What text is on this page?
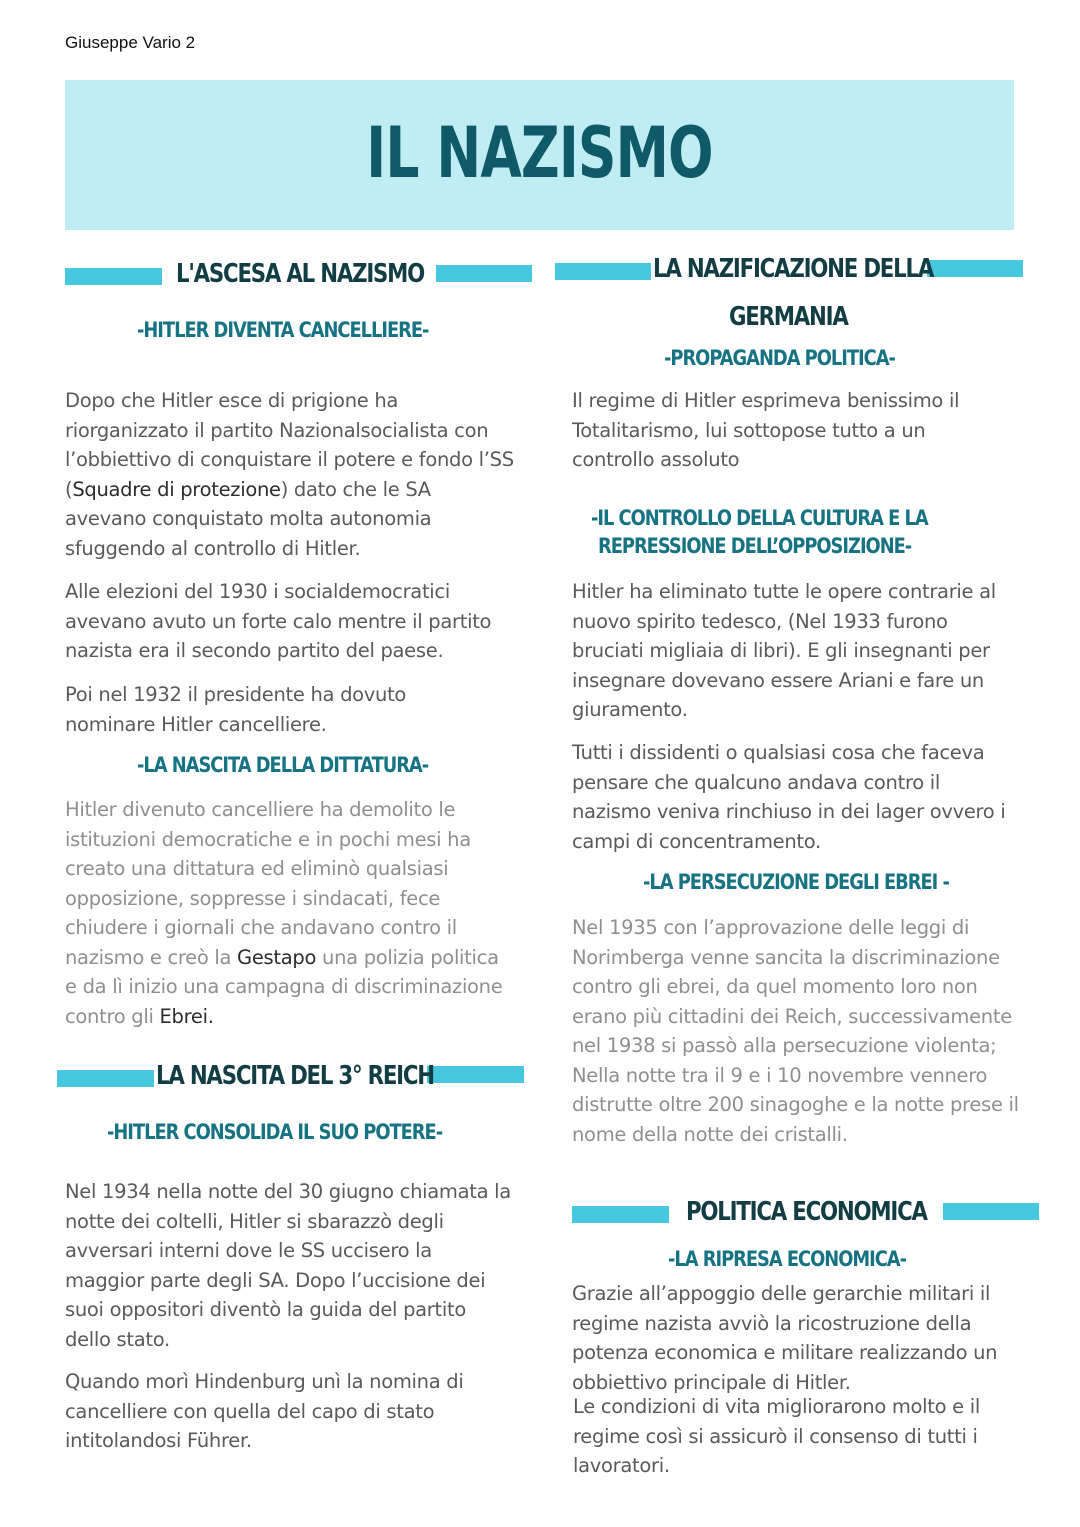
Giuseppe Vario 2
IL NAZISMO
L'ASCESA AL NAZISMO
-HITLER DIVENTA CANCELLIERE-
Dopo che Hitler esce di prigione ha riorganizzato il partito Nazionalsocialista con l’obbiettivo di conquistare il potere e fondo l’SS (Squadre di protezione) dato che le SA avevano conquistato molta autonomia sfuggendo al controllo di Hitler.
Alle elezioni del 1930 i socialdemocratici avevano avuto un forte calo mentre il partito nazista era il secondo partito del paese.
Poi nel 1932 il presidente ha dovuto nominare Hitler cancelliere.
-LA NASCITA DELLA DITTATURA-
Hitler divenuto cancelliere ha demolito le istituzioni democratiche e in pochi mesi ha creato una dittatura ed eliminò qualsiasi opposizione, soppresse i sindacati, fece chiudere i giornali che andavano contro il nazismo e creò la Gestapo una polizia politica e da lì inizio una campagna di discriminazione contro gli Ebrei.
LA NASCITA DEL 3° REICH
-HITLER CONSOLIDA IL SUO POTERE-
Nel 1934 nella notte del 30 giugno chiamata la notte dei coltelli, Hitler si sbarazzò degli avversari interni dove le SS uccisero la maggior parte degli SA. Dopo l’uccisione dei suoi oppositori diventò la guida del partito dello stato.
Quando morì Hindenburg unì la nomina di cancelliere con quella del capo di stato intitolandosi Führer.
LA NAZIFICAZIONE DELLA
GERMANIA
-PROPAGANDA POLITICA-
Il regime di Hitler esprimeva benissimo il Totalitarismo, lui sottopose tutto a un controllo assoluto
-IL CONTROLLO DELLA CULTURA E LA
REPRESSIONE DELL’OPPOSIZIONE-
Hitler ha eliminato tutte le opere contrarie al nuovo spirito tedesco, (Nel 1933 furono bruciati migliaia di libri). E gli insegnanti per insegnare dovevano essere Ariani e fare un giuramento.
Tutti i dissidenti o qualsiasi cosa che faceva pensare che qualcuno andava contro il nazismo veniva rinchiuso in dei lager ovvero i campi di concentramento.
-LA PERSECUZIONE DEGLI EBREI -
Nel 1935 con l’approvazione delle leggi di Norimberga venne sancita la discriminazione contro gli ebrei, da quel momento loro non erano più cittadini dei Reich, successivamente nel 1938 si passò alla persecuzione violenta; Nella notte tra il 9 e i 10 novembre vennero distrutte oltre 200 sinagoghe e la notte prese il nome della notte dei cristalli.
POLITICA ECONOMICA
-LA RIPRESA ECONOMICA-
Grazie all’appoggio delle gerarchie militari il regime nazista avviò la ricostruzione della potenza economica e militare realizzando un obbiettivo principale di Hitler.
Le condizioni di vita migliorarono molto e il regime così si assicurò il consenso di tutti i lavoratori.
